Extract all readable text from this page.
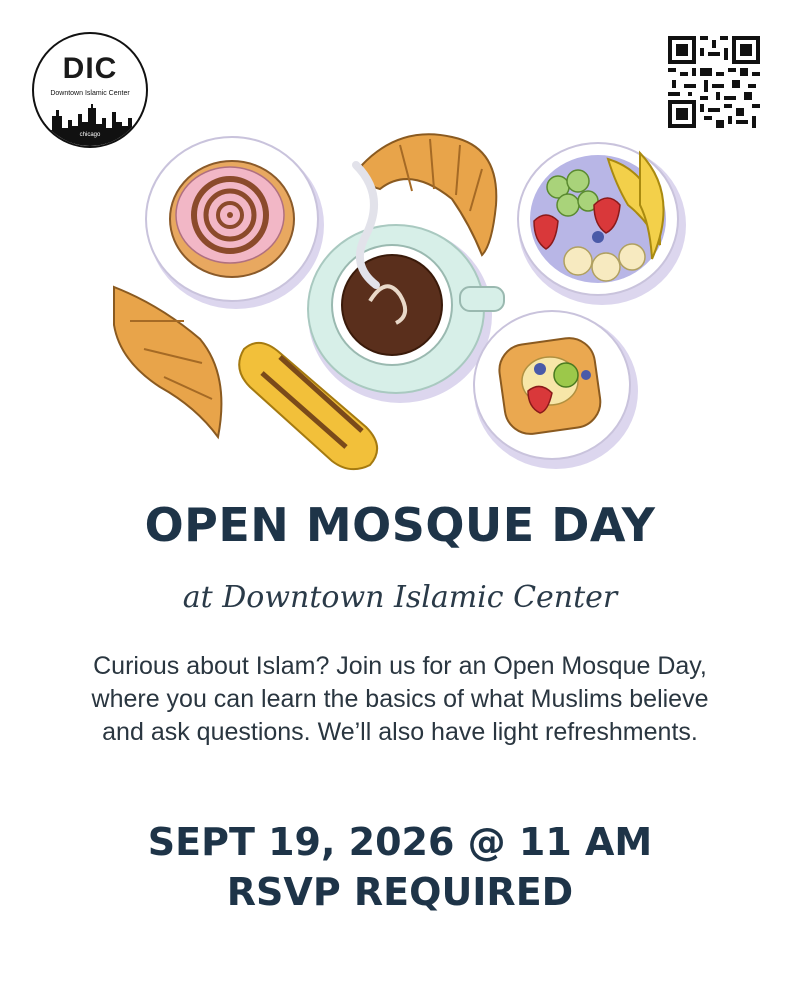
DIC
Downtown Islamic Center
chicago
OPEN MOSQUE DAY
at Downtown Islamic Center
Curious about Islam? Join us for an Open Mosque Day, where you can learn the basics of what Muslims believe and ask questions. We’ll also have light refreshments.
SEPT 19, 2026 @ 11 AM
RSVP REQUIRED
